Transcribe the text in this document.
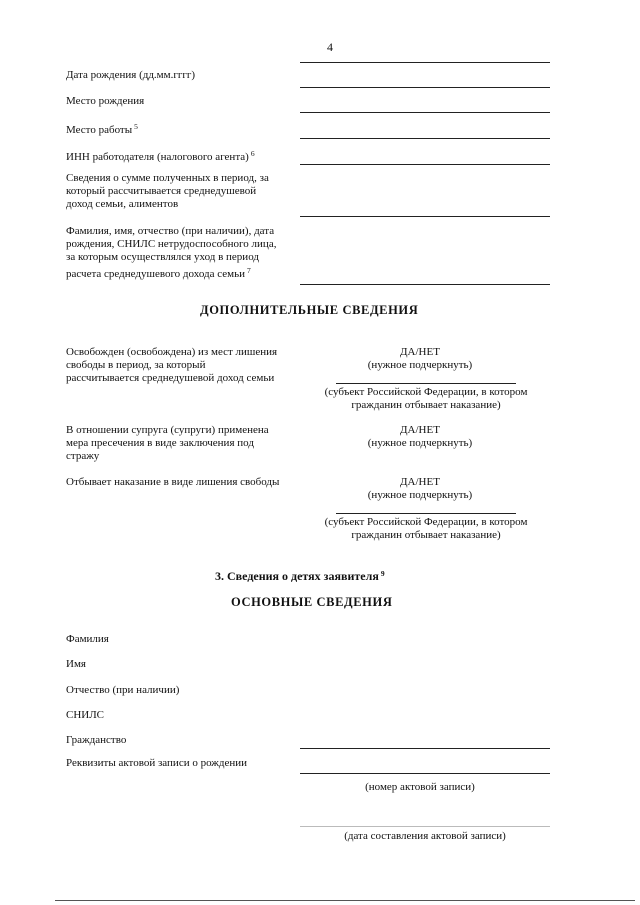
4
Дата рождения (дд.мм.гггг)
Место рождения
Место работы $^5$
ИНН работодателя (налогового агента) $^6$
Сведения о сумме полученных в период, за
который рассчитывается среднедушевой
доход семьи, алиментов
Фамилия, имя, отчество (при наличии), дата
рождения, СНИЛС нетрудоспособного лица,
за которым осуществлялся уход в период
расчета среднедушевого дохода семьи $^7$
ДОПОЛНИТЕЛЬНЫЕ СВЕДЕНИЯ
Освобожден (освобождена) из мест лишения
свободы в период, за который
рассчитывается среднедушевой доход семьи
ДА/НЕТ
(нужное подчеркнуть)
(субъект Российской Федерации, в котором
гражданин отбывает наказание)
В отношении супруга (супруги) применена
мера пресечения в виде заключения под
стражу
ДА/НЕТ
(нужное подчеркнуть)
Отбывает наказание в виде лишения свободы	ДА/НЕТ
(нужное подчеркнуть)
(субъект Российской Федерации, в котором
гражданин отбывает наказание)
3. Сведения о детях заявителя $^9$
ОСНОВНЫЕ СВЕДЕНИЯ
Фамилия
Имя
Отчество (при наличии)
СНИЛС
Гражданство
Реквизиты актовой записи о рождении
(номер актовой записи)
(дата составления актовой записи)
